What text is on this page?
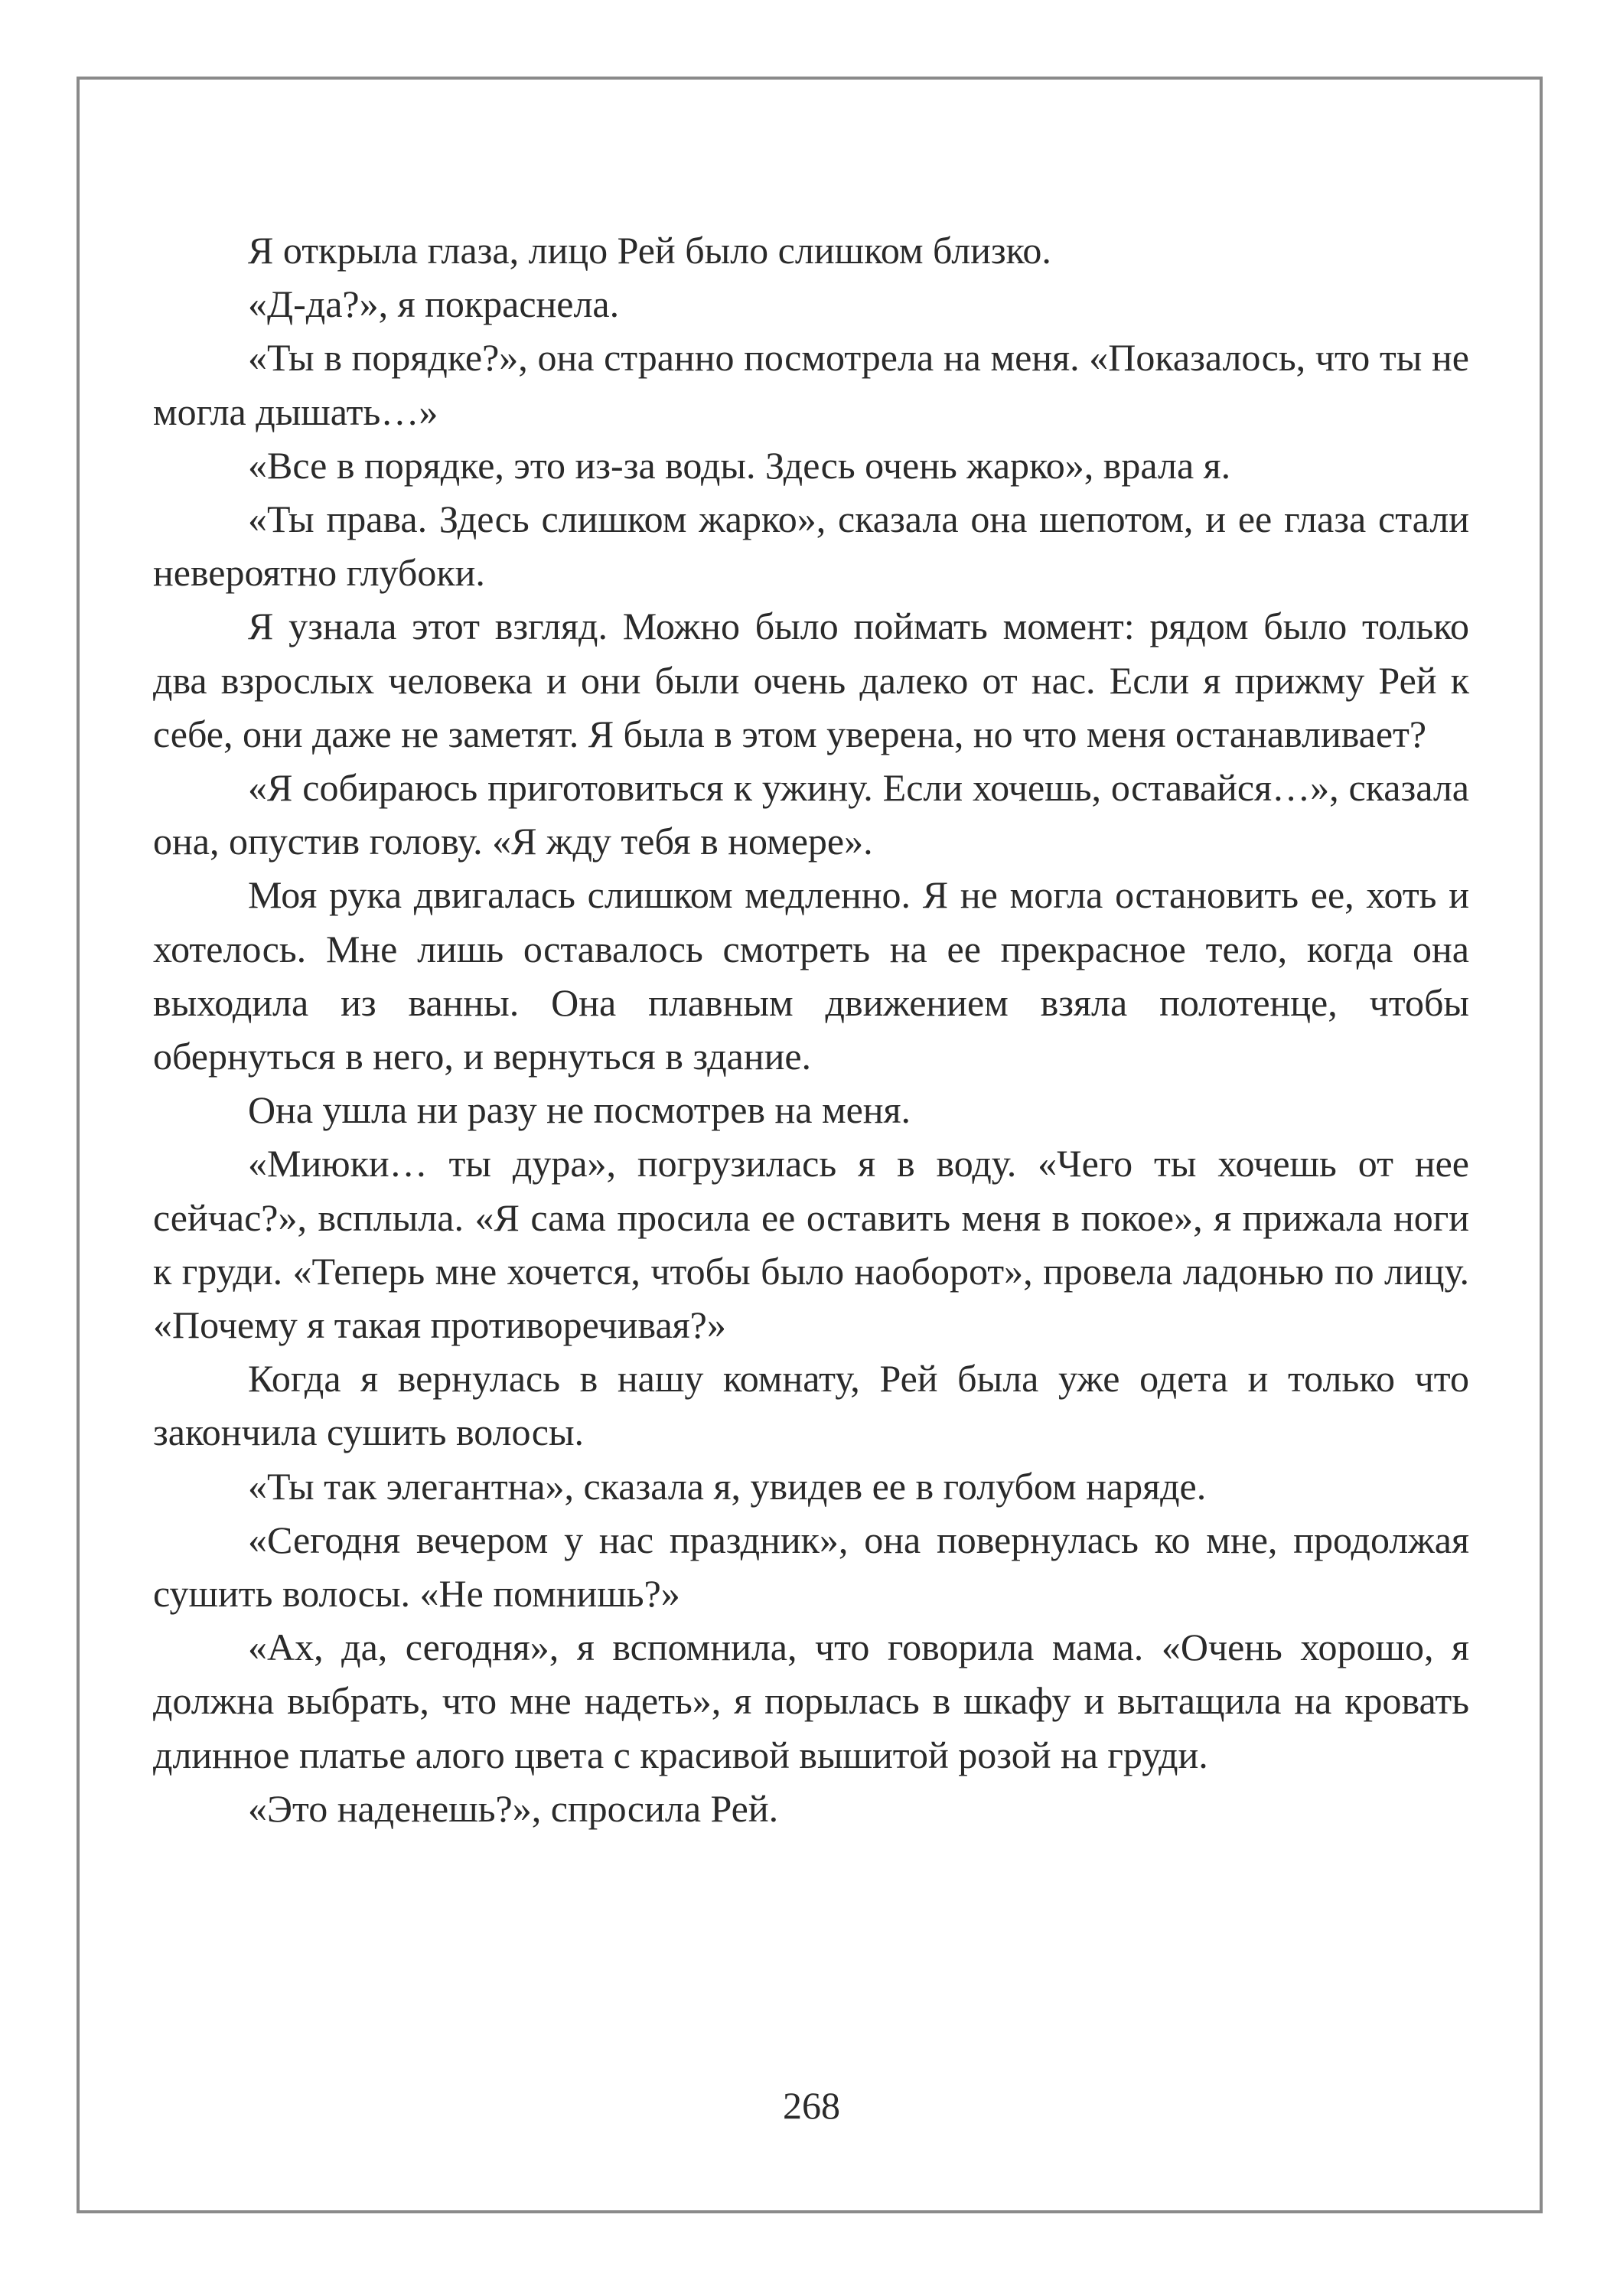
Я открыла глаза, лицо Рей было слишком близко.

«Д-да?», я покраснела.

«Ты в порядке?», она странно посмотрела на меня. «Показалось, что ты не могла дышать…»

«Все в порядке, это из-за воды. Здесь очень жарко», врала я.

«Ты права. Здесь слишком жарко», сказала она шепотом, и ее глаза стали невероятно глубоки.

Я узнала этот взгляд. Можно было поймать момент: рядом было только два взрослых человека и они были очень далеко от нас. Если я прижму Рей к себе, они даже не заметят. Я была в этом уверена, но что меня останавливает?

«Я собираюсь приготовиться к ужину. Если хочешь, оставайся…», сказала она, опустив голову. «Я жду тебя в номере».

Моя рука двигалась слишком медленно. Я не могла остановить ее, хоть и хотелось. Мне лишь оставалось смотреть на ее прекрасное тело, когда она выходила из ванны. Она плавным движением взяла полотенце, чтобы обернуться в него, и вернуться в здание.

Она ушла ни разу не посмотрев на меня.

«Миюки… ты дура», погрузилась я в воду. «Чего ты хочешь от нее сейчас?», всплыла. «Я сама просила ее оставить меня в покое», я прижала ноги к груди. «Теперь мне хочется, чтобы было наоборот», провела ладонью по лицу. «Почему я такая противоречивая?»

Когда я вернулась в нашу комнату, Рей была уже одета и только что закончила сушить волосы.

«Ты так элегантна», сказала я, увидев ее в голубом наряде.

«Сегодня вечером у нас праздник», она повернулась ко мне, продолжая сушить волосы. «Не помнишь?»

«Ах, да, сегодня», я вспомнила, что говорила мама. «Очень хорошо, я должна выбрать, что мне надеть», я порылась в шкафу и вытащила на кровать длинное платье алого цвета с красивой вышитой розой на груди.

«Это наденешь?», спросила Рей.

268
